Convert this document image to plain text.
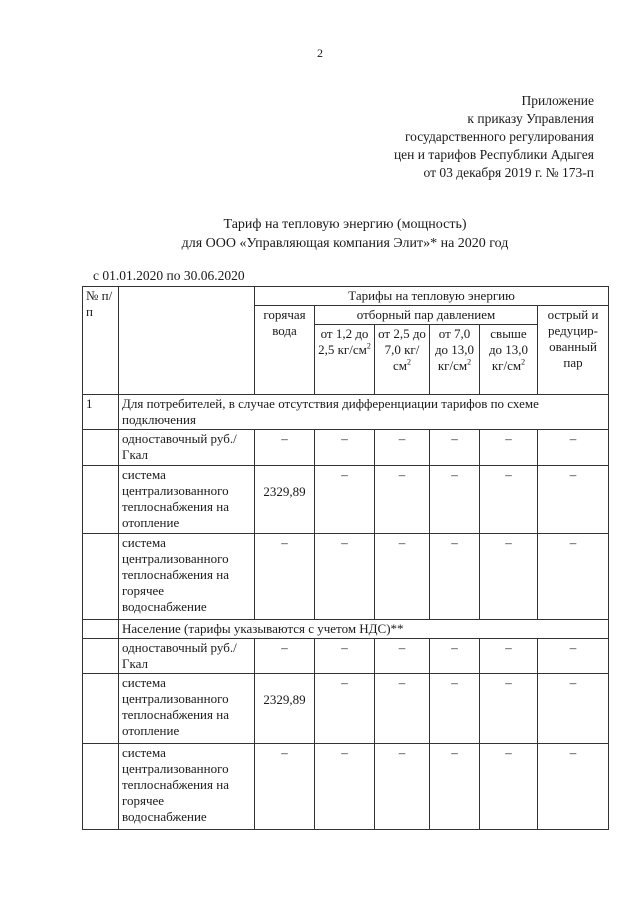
2
Приложение
к приказу Управления
государственного регулирования
цен и тарифов Республики Адыгея
от 03 декабря 2019 г. № 173-п
Тариф на тепловую энергию (мощность)
для ООО «Управляющая компания Элит»* на 2020 год
с 01.01.2020 по 30.06.2020
№ п/п		Тарифы на тепловую энергию					
		горячая вода	отборный пар давлением				острый и редуцир-ованный пар
			от 1,2 до 2,5 $кг/см^2$	от 2,5 до 7,0 $кг/см^2$	от 7,0 до 13,0 $кг/см^2$	свыше до 13,0 $кг/см^2$
1	Для потребителей, в случае отсутствия дифференциации тарифов по схеме подключения						
	одноставочный руб./Гкал	–	–	–	–	–	–
	система централизованного теплоснабжения на отопление	2329,89	–	–	–	–	–
	система централизованного теплоснабжения на горячее водоснабжение	–	–	–	–	–	–
	Население (тарифы указываются с учетом НДС)**						
	одноставочный руб./Гкал	–	–	–	–	–	–
	система централизованного теплоснабжения на отопление	2329,89	–	–	–	–	–
	система централизованного теплоснабжения на горячее водоснабжение	–	–	–	–	–	–
